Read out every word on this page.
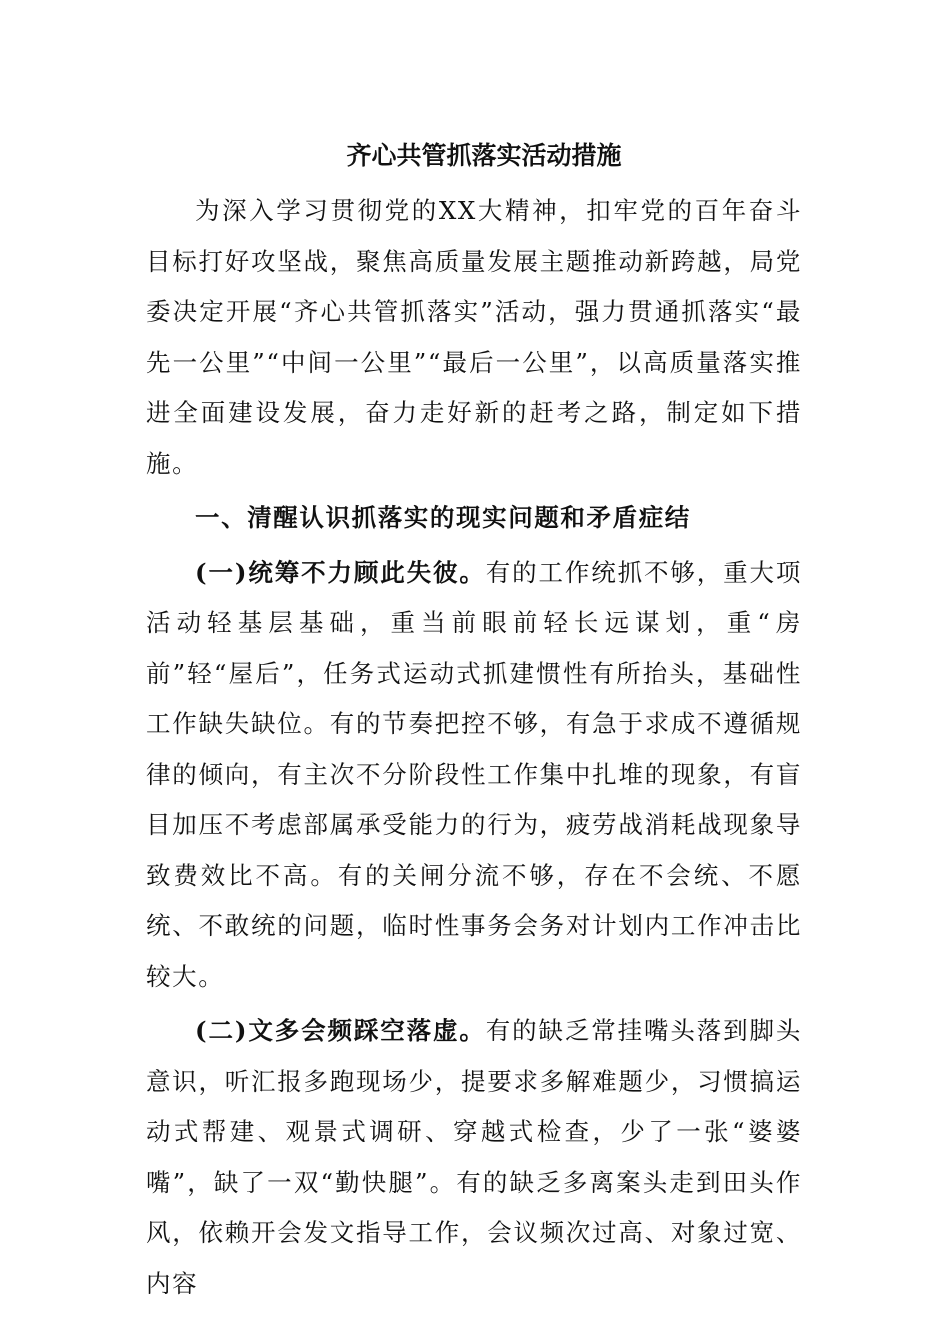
齐心共管抓落实活动措施

为深入学习贯彻党的XX大精神，扣牢党的百年奋斗目标打好攻坚战，聚焦高质量发展主题推动新跨越，局党委决定开展“齐心共管抓落实”活动，强力贯通抓落实“最先一公里”“中间一公里”“最后一公里”，以高质量落实推进全面建设发展，奋力走好新的赶考之路，制定如下措施。

一、清醒认识抓落实的现实问题和矛盾症结

(一)统筹不力顾此失彼。有的工作统抓不够，重大项活动轻基层基础，重当前眼前轻长远谋划，重“房前”轻“屋后”，任务式运动式抓建惯性有所抬头，基础性工作缺失缺位。有的节奏把控不够，有急于求成不遵循规律的倾向，有主次不分阶段性工作集中扎堆的现象，有盲目加压不考虑部属承受能力的行为，疲劳战消耗战现象导致费效比不高。有的关闸分流不够，存在不会统、不愿统、不敢统的问题，临时性事务会务对计划内工作冲击比较大。

(二)文多会频踩空落虚。有的缺乏常挂嘴头落到脚头意识，听汇报多跑现场少，提要求多解难题少，习惯搞运动式帮建、观景式调研、穿越式检查，少了一张“婆婆嘴”，缺了一双“勤快腿”。有的缺乏多离案头走到田头作风，依赖开会发文指导工作，会议频次过高、对象过宽、内容
